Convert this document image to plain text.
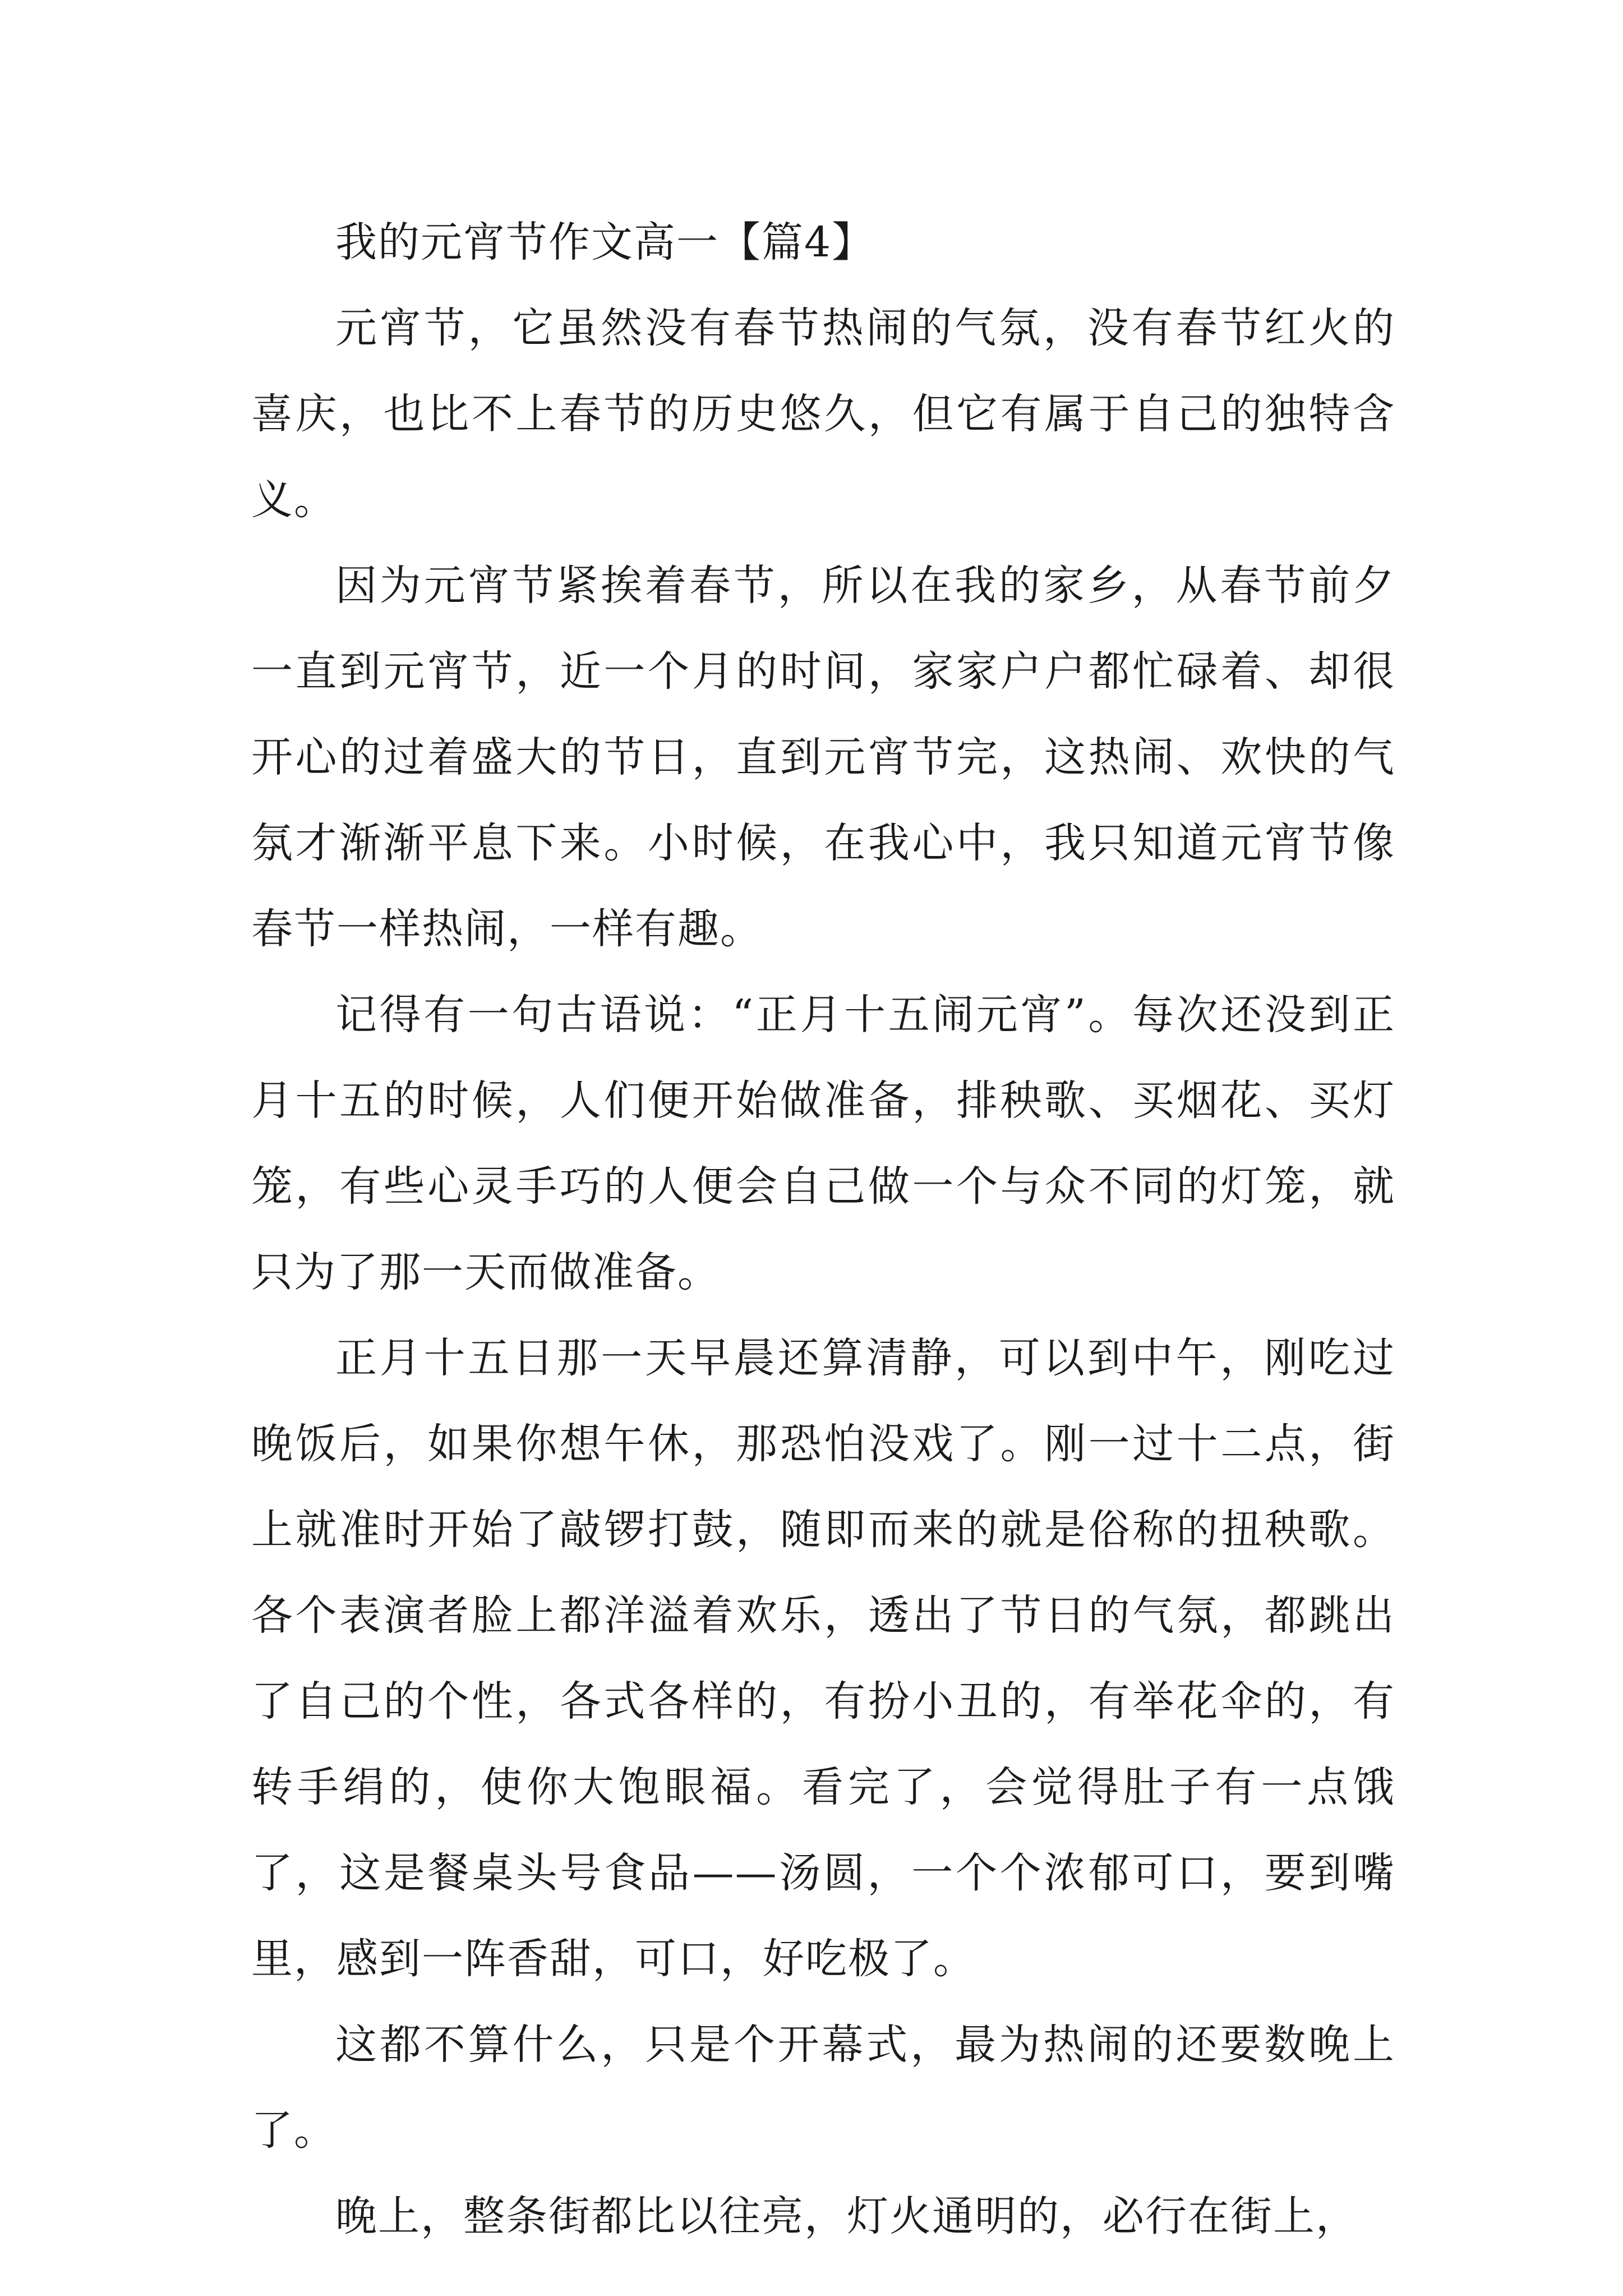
我的元宵节作文高一【篇4】

元宵节，它虽然没有春节热闹的气氛，没有春节红火的喜庆，也比不上春节的历史悠久，但它有属于自己的独特含义。

因为元宵节紧挨着春节，所以在我的家乡，从春节前夕一直到元宵节，近一个月的时间，家家户户都忙碌着、却很开心的过着盛大的节日，直到元宵节完，这热闹、欢快的气氛才渐渐平息下来。小时候，在我心中，我只知道元宵节像春节一样热闹，一样有趣。

记得有一句古语说：“正月十五闹元宵”。每次还没到正月十五的时候，人们便开始做准备，排秧歌、买烟花、买灯笼，有些心灵手巧的人便会自己做一个与众不同的灯笼，就只为了那一天而做准备。

正月十五日那一天早晨还算清静，可以到中午，刚吃过晚饭后，如果你想午休，那恐怕没戏了。刚一过十二点，街上就准时开始了敲锣打鼓，随即而来的就是俗称的扭秧歌。各个表演者脸上都洋溢着欢乐，透出了节日的气氛，都跳出了自己的个性，各式各样的，有扮小丑的，有举花伞的，有转手绢的，使你大饱眼福。看完了，会觉得肚子有一点饿了，这是餐桌头号食品——汤圆，一个个浓郁可口，要到嘴里，感到一阵香甜，可口，好吃极了。

这都不算什么，只是个开幕式，最为热闹的还要数晚上了。

晚上，整条街都比以往亮，灯火通明的，必行在街上，
